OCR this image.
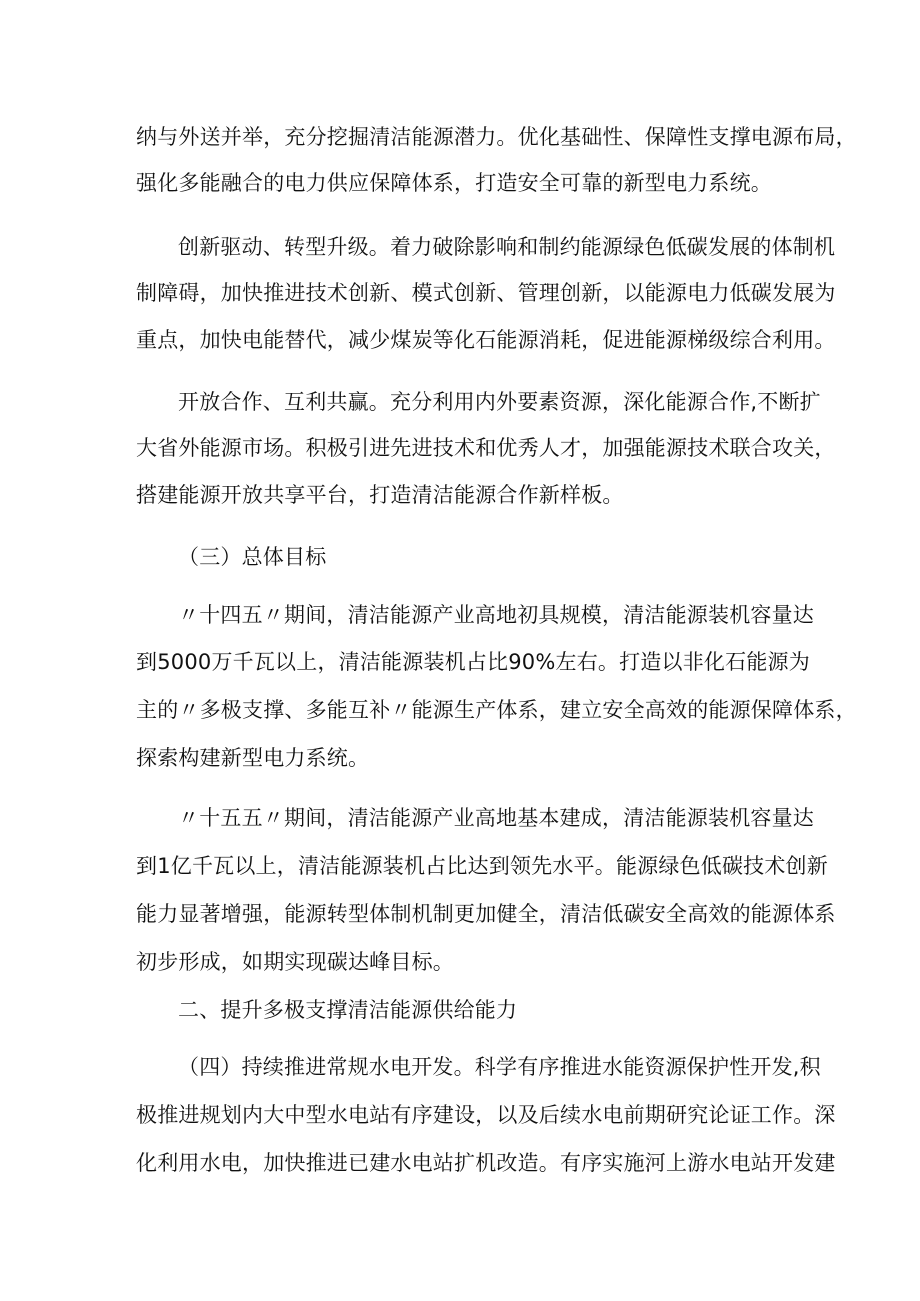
纳与外送并举，充分挖掘清洁能源潜力。优化基础性、保障性支撑电源布局，
强化多能融合的电力供应保障体系，打造安全可靠的新型电力系统。
创新驱动、转型升级。着力破除影响和制约能源绿色低碳发展的体制机
制障碍，加快推进技术创新、模式创新、管理创新，以能源电力低碳发展为
重点，加快电能替代，减少煤炭等化石能源消耗，促进能源梯级综合利用。
开放合作、互利共赢。充分利用内外要素资源，深化能源合作,不断扩
大省外能源市场。积极引进先进技术和优秀人才，加强能源技术联合攻关，
搭建能源开放共享平台，打造清洁能源合作新样板。
（三）总体目标
〃十四五〃期间，清洁能源产业高地初具规模，清洁能源装机容量达
到5000万千瓦以上，清洁能源装机占比90%左右。打造以非化石能源为
主的〃多极支撑、多能互补〃能源生产体系，建立安全高效的能源保障体系，
探索构建新型电力系统。
〃十五五〃期间，清洁能源产业高地基本建成，清洁能源装机容量达
到1亿千瓦以上，清洁能源装机占比达到领先水平。能源绿色低碳技术创新
能力显著增强，能源转型体制机制更加健全，清洁低碳安全高效的能源体系
初步形成，如期实现碳达峰目标。
二、提升多极支撑清洁能源供给能力
（四）持续推进常规水电开发。科学有序推进水能资源保护性开发,积
极推进规划内大中型水电站有序建设，以及后续水电前期研究论证工作。深
化利用水电，加快推进已建水电站扩机改造。有序实施河上游水电站开发建
